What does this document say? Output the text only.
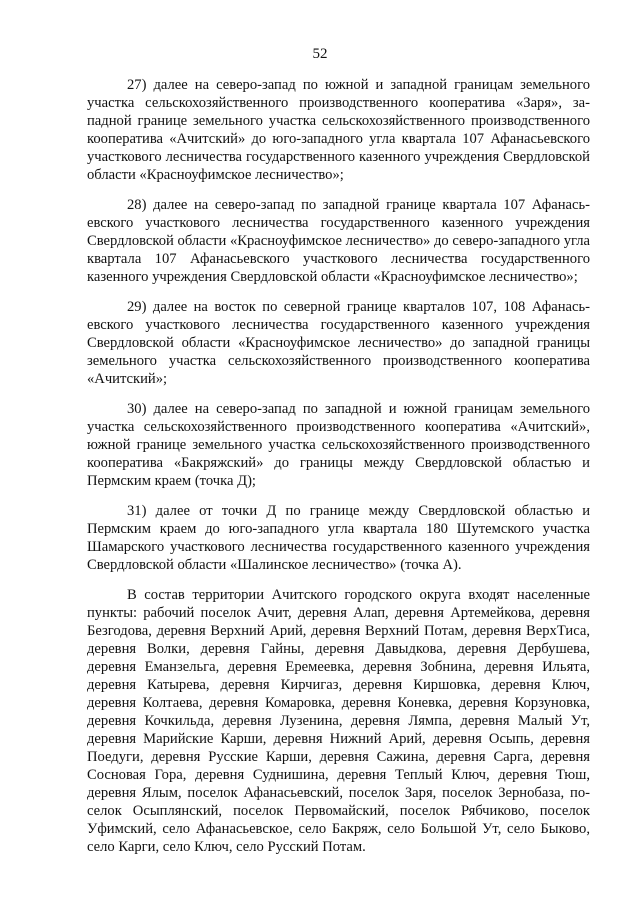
52

27) далее на северо-запад по южной и западной границам земельного участка сельскохозяйственного производственного кооператива «Заря», западной границе земельного участка сельскохозяйственного производственного кооператива «Ачитский» до юго-западного угла квартала 107 Афанасьевского участкового лесничества государственного казенного учреждения Свердловской области «Красноуфимское лесничество»;

28) далее на северо-запад по западной границе квартала 107 Афанасьевского участкового лесничества государственного казенного учреждения Свердловской области «Красноуфимское лесничество» до северо-западного угла квартала 107 Афанасьевского участкового лесничества государственного казенного учреждения Свердловской области «Красноуфимское лесничество»;

29) далее на восток по северной границе кварталов 107, 108 Афанасьевского участкового лесничества государственного казенного учреждения Свердловской области «Красноуфимское лесничество» до западной границы земельного участка сельскохозяйственного производственного кооператива «Ачитский»;

30) далее на северо-запад по западной и южной границам земельного участка сельскохозяйственного производственного кооператива «Ачитский», южной границе земельного участка сельскохозяйственного производственного кооператива «Бакряжский» до границы между Свердловской областью и Пермским краем (точка Д);

31) далее от точки Д по границе между Свердловской областью и Пермским краем до юго-западного угла квартала 180 Шутемского участка Шамарского участкового лесничества государственного казенного учреждения Свердловской области «Шалинское лесничество» (точка А).

В состав территории Ачитского городского округа входят населенные пункты: рабочий поселок Ачит, деревня Алап, деревня Артемейкова, деревня Безгодова, деревня Верхний Арий, деревня Верхний Потам, деревня ВерхТиса, деревня Волки, деревня Гайны, деревня Давыдкова, деревня Дербушева, деревня Еманзельга, деревня Еремеевка, деревня Зобнина, деревня Ильята, деревня Катырева, деревня Кирчигаз, деревня Киршовка, деревня Ключ, деревня Колтаева, деревня Комаровка, деревня Коневка, деревня Корзуновка, деревня Кочкильда, деревня Лузенина, деревня Лямпа, деревня Малый Ут, деревня Марийские Карши, деревня Нижний Арий, деревня Осыпь, деревня Поедуги, деревня Русские Карши, деревня Сажина, деревня Сарга, деревня Сосновая Гора, деревня Суднишина, деревня Теплый Ключ, деревня Тюш, деревня Ялым, поселок Афанасьевский, поселок Заря, поселок Зернобаза, поселок Осыплянский, поселок Первомайский, поселок Рябчиково, поселок Уфимский, село Афанасьевское, село Бакряж, село Большой Ут, село Быково, село Карги, село Ключ, село Русский Потам.
